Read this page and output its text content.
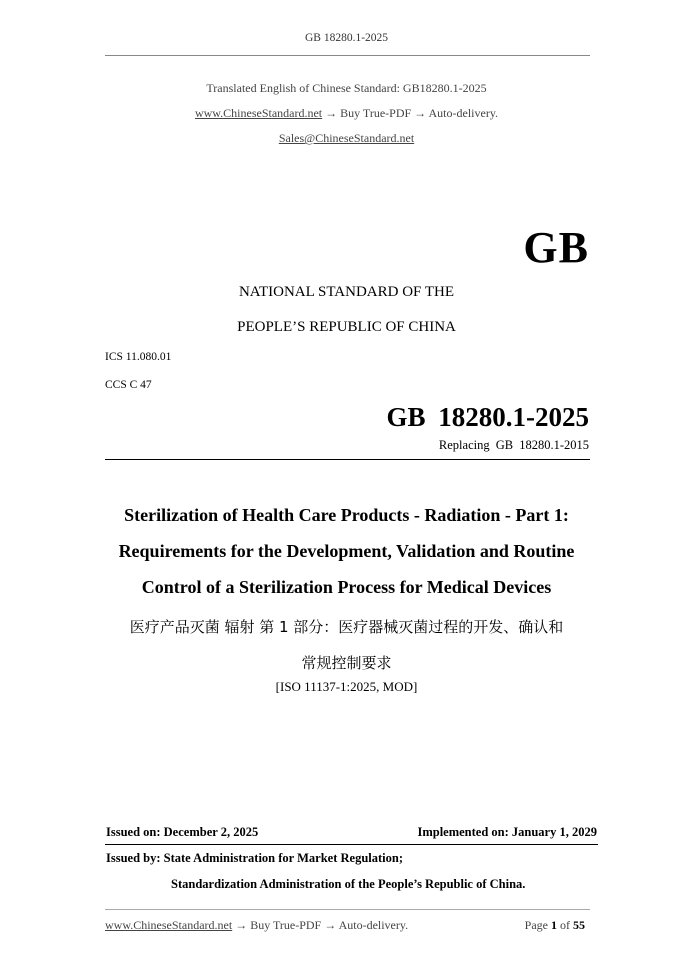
GB 18280.1-2025
Translated English of Chinese Standard: GB18280.1-2025
www.ChineseStandard.net → Buy True-PDF → Auto-delivery.
Sales@ChineseStandard.net
GB
NATIONAL STANDARD OF THE
PEOPLE’S REPUBLIC OF CHINA
ICS 11.080.01
CCS C 47
GB 18280.1-2025
Replacing GB 18280.1-2015
Sterilization of Health Care Products - Radiation - Part 1:
Requirements for the Development, Validation and Routine
Control of a Sterilization Process for Medical Devices
医疗产品灭菌 辐射 第 1 部分：医疗器械灭菌过程的开发、确认和
常规控制要求
[ISO 11137-1:2025, MOD]
Issued on: December 2, 2025	Implemented on: January 1, 2029
Issued by: State Administration for Market Regulation;
Standardization Administration of the People’s Republic of China.
www.ChineseStandard.net → Buy True-PDF → Auto-delivery.	Page 1 of 55
